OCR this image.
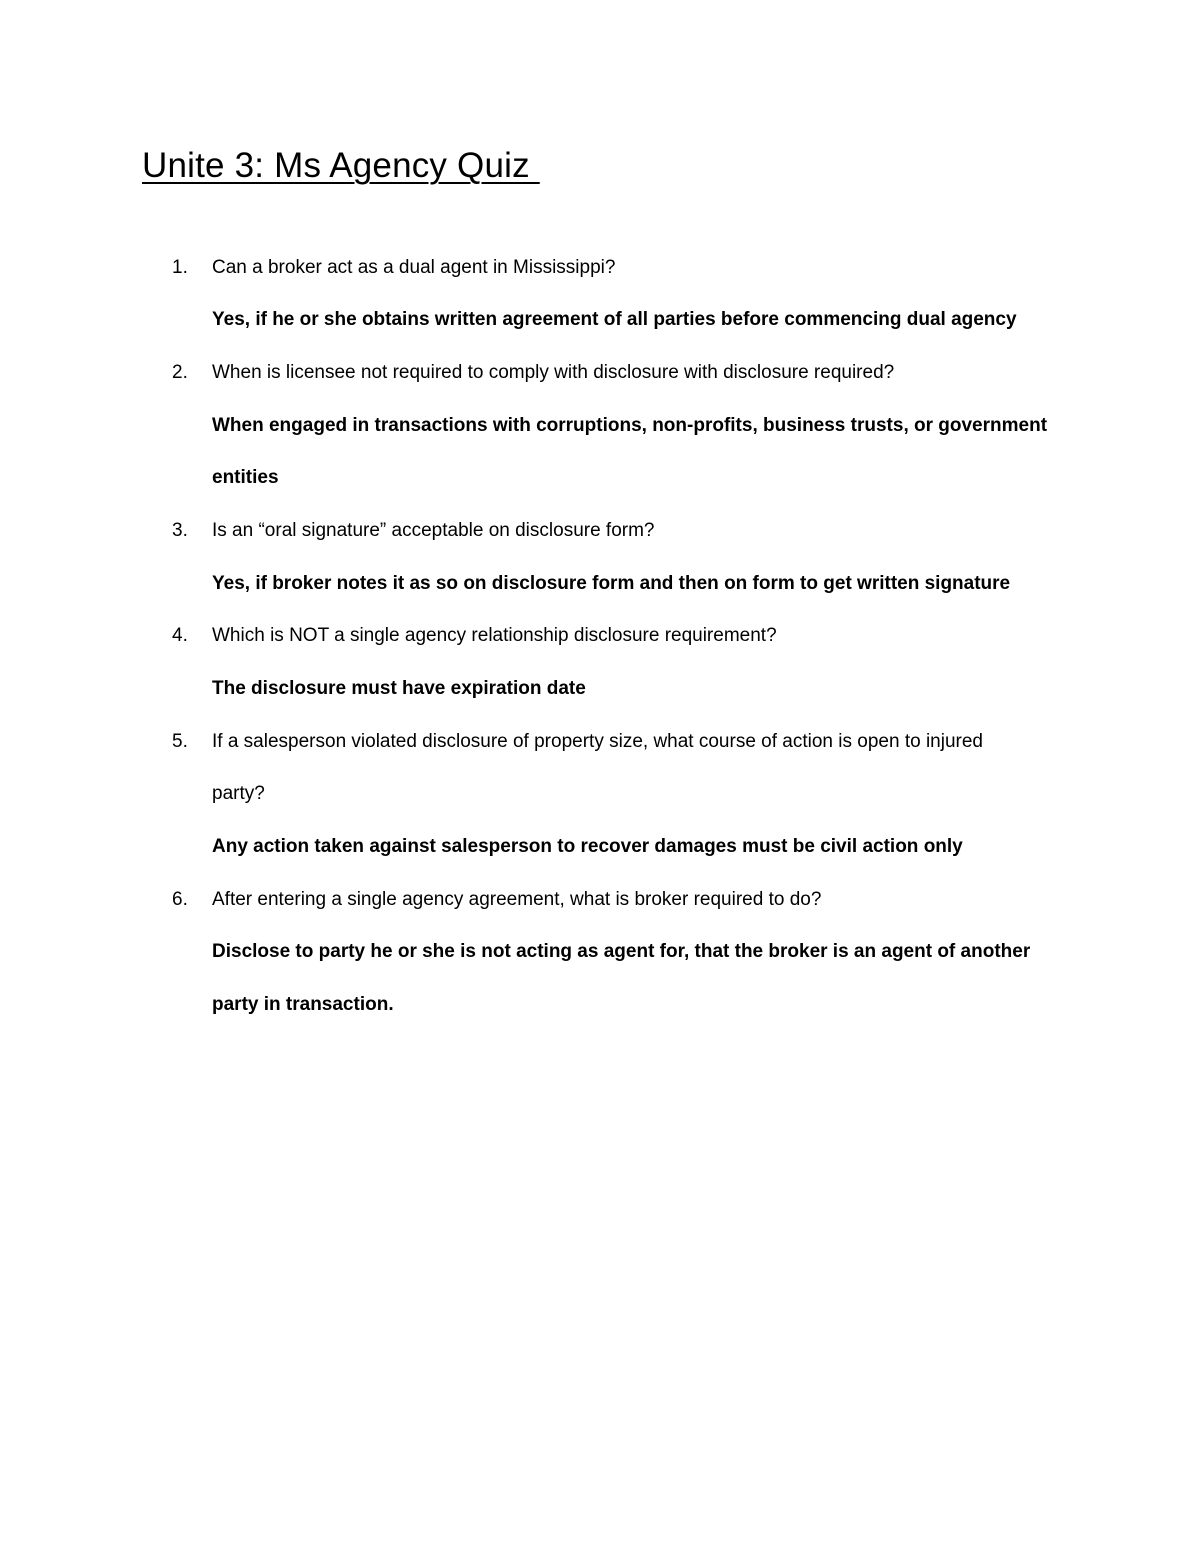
Unite 3: Ms Agency Quiz
1. Can a broker act as a dual agent in Mississippi?
Yes, if he or she obtains written agreement of all parties before commencing dual agency
2. When is licensee not required to comply with disclosure with disclosure required?
When engaged in transactions with corruptions, non-profits, business trusts, or government
entities
3. Is an “oral signature” acceptable on disclosure form?
Yes, if broker notes it as so on disclosure form and then on form to get written signature
4. Which is NOT a single agency relationship disclosure requirement?
The disclosure must have expiration date
5. If a salesperson violated disclosure of property size, what course of action is open to injured
party?
Any action taken against salesperson to recover damages must be civil action only
6. After entering a single agency agreement, what is broker required to do?
Disclose to party he or she is not acting as agent for, that the broker is an agent of another
party in transaction.
